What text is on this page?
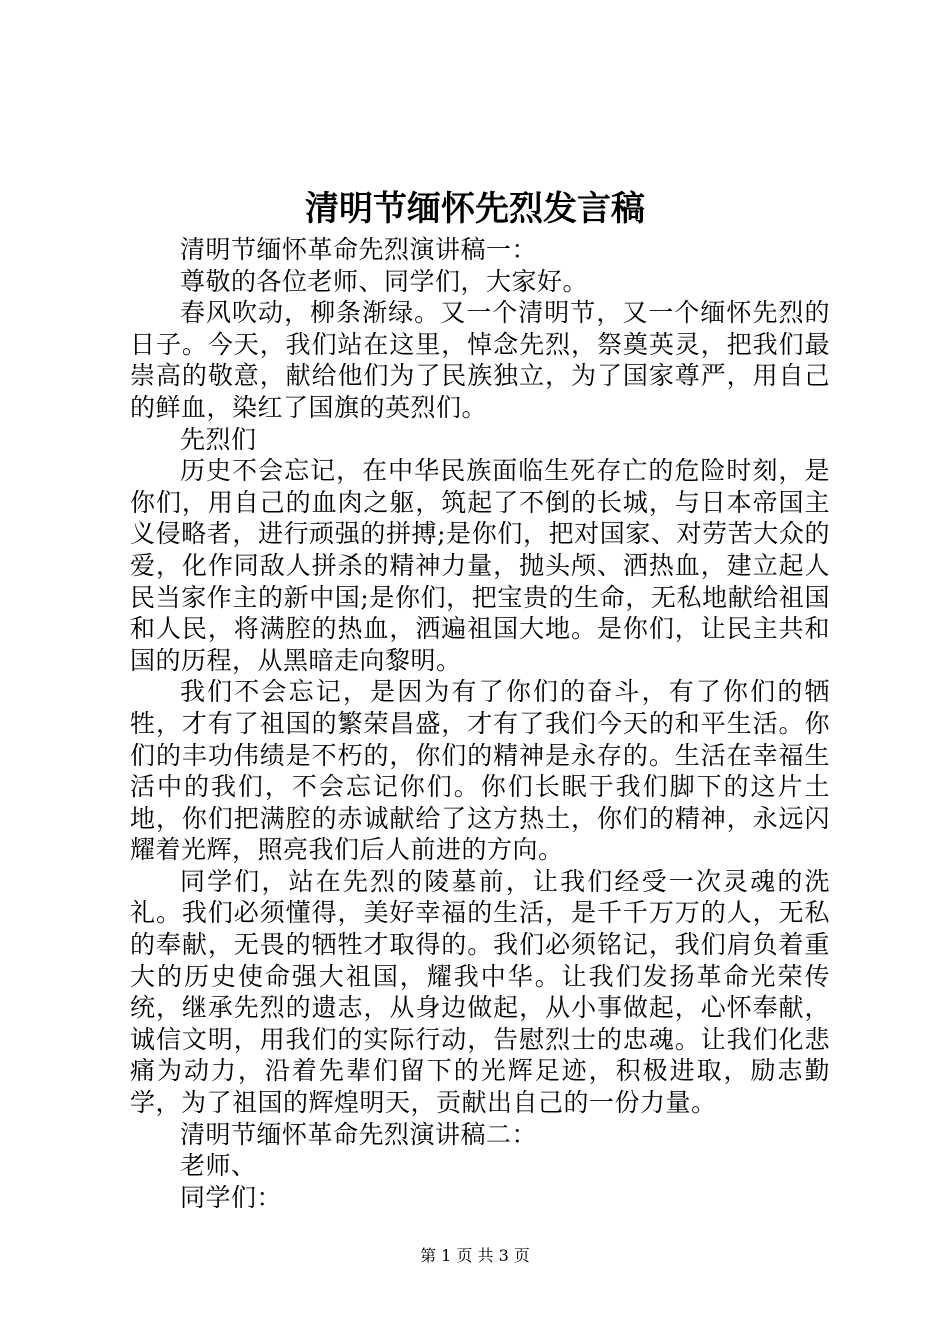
清明节缅怀先烈发言稿

清明节缅怀革命先烈演讲稿一：

尊敬的各位老师、同学们，大家好。

春风吹动，柳条渐绿。又一个清明节，又一个缅怀先烈的日子。今天，我们站在这里，悼念先烈，祭奠英灵，把我们最崇高的敬意，献给他们为了民族独立，为了国家尊严，用自己的鲜血，染红了国旗的英烈们。

先烈们

历史不会忘记，在中华民族面临生死存亡的危险时刻，是你们，用自己的血肉之躯，筑起了不倒的长城，与日本帝国主义侵略者，进行顽强的拼搏;是你们，把对国家、对劳苦大众的爱，化作同敌人拼杀的精神力量，抛头颅、洒热血，建立起人民当家作主的新中国;是你们，把宝贵的生命，无私地献给祖国和人民，将满腔的热血，洒遍祖国大地。是你们，让民主共和国的历程，从黑暗走向黎明。

我们不会忘记，是因为有了你们的奋斗，有了你们的牺牲，才有了祖国的繁荣昌盛，才有了我们今天的和平生活。你们的丰功伟绩是不朽的，你们的精神是永存的。生活在幸福生活中的我们，不会忘记你们。你们长眠于我们脚下的这片土地，你们把满腔的赤诚献给了这方热土，你们的精神，永远闪耀着光辉，照亮我们后人前进的方向。

同学们，站在先烈的陵墓前，让我们经受一次灵魂的洗礼。我们必须懂得，美好幸福的生活，是千千万万的人，无私的奉献，无畏的牺牲才取得的。我们必须铭记，我们肩负着重大的历史使命强大祖国，耀我中华。让我们发扬革命光荣传统，继承先烈的遗志，从身边做起，从小事做起，心怀奉献，诚信文明，用我们的实际行动，告慰烈士的忠魂。让我们化悲痛为动力，沿着先辈们留下的光辉足迹，积极进取，励志勤学，为了祖国的辉煌明天，贡献出自己的一份力量。

清明节缅怀革命先烈演讲稿二：

老师、

同学们：

第 1 页 共 3 页
